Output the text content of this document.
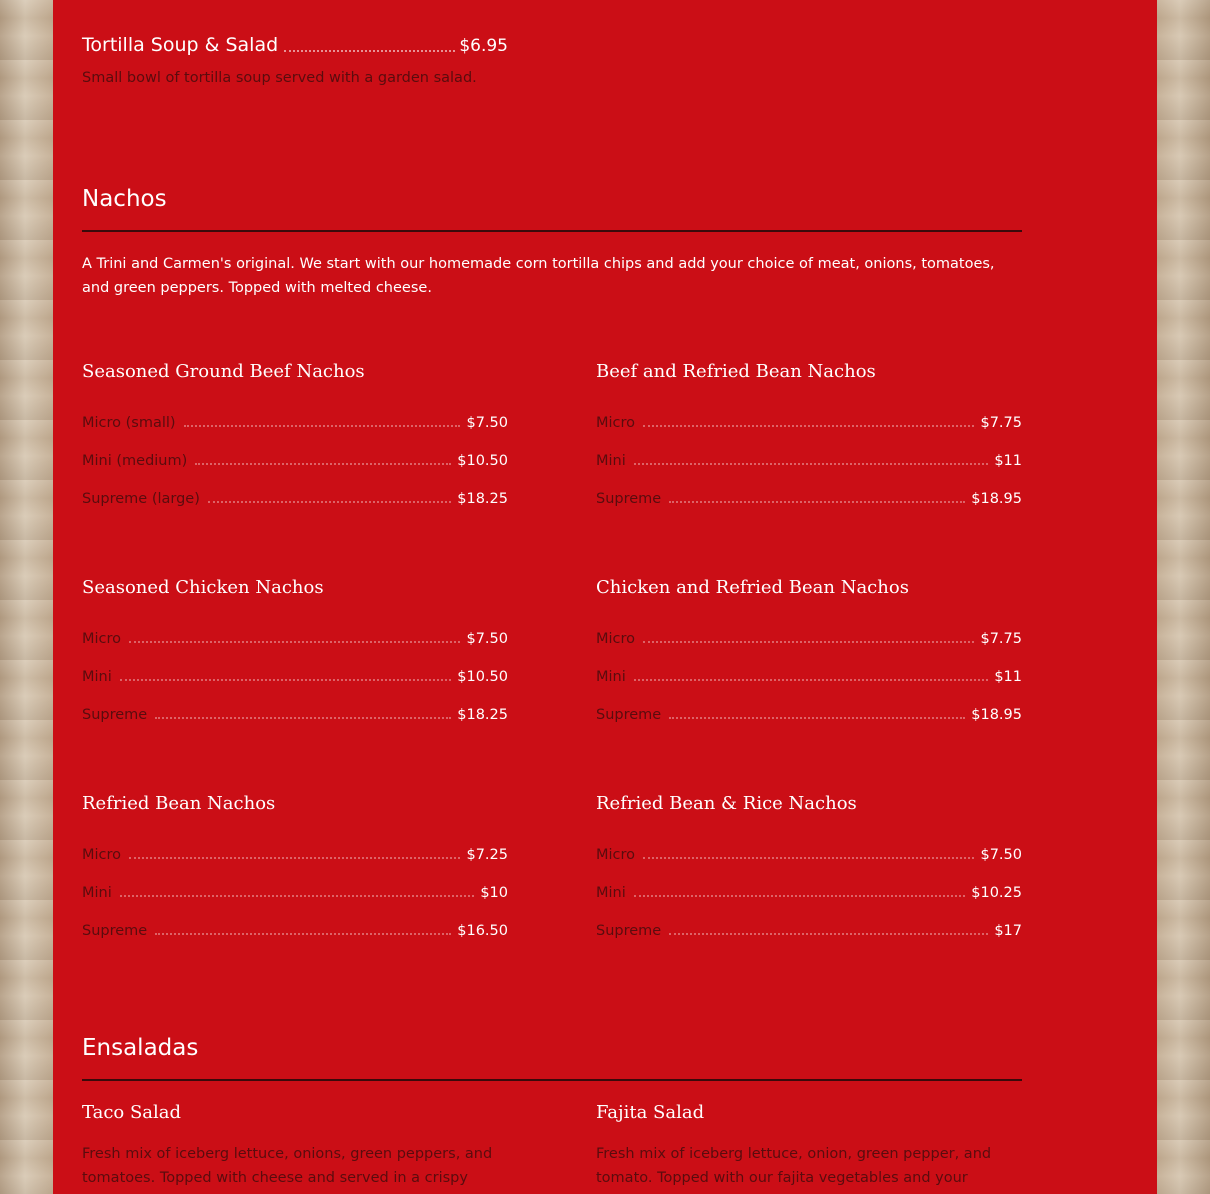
Tortilla Soup & Salad	$6.95
Small bowl of tortilla soup served with a garden salad.
Nachos
A Trini and Carmen's original. We start with our homemade corn tortilla chips and add your choice of meat, onions, tomatoes, and green peppers. Topped with melted cheese.
Seasoned Ground Beef Nachos
Micro (small)	$7.50
Mini (medium)	$10.50
Supreme (large)	$18.25
Beef and Refried Bean Nachos
Micro	$7.75
Mini	$11
Supreme	$18.95
Seasoned Chicken Nachos
Micro	$7.50
Mini	$10.50
Supreme	$18.25
Chicken and Refried Bean Nachos
Micro	$7.75
Mini	$11
Supreme	$18.95
Refried Bean Nachos
Micro	$7.25
Mini	$10
Supreme	$16.50
Refried Bean & Rice Nachos
Micro	$7.50
Mini	$10.25
Supreme	$17
Ensaladas
Taco Salad
Fresh mix of iceberg lettuce, onions, green peppers, and tomatoes. Topped with cheese and served in a crispy
Fajita Salad
Fresh mix of iceberg lettuce, onion, green pepper, and tomato. Topped with our fajita vegetables and your
